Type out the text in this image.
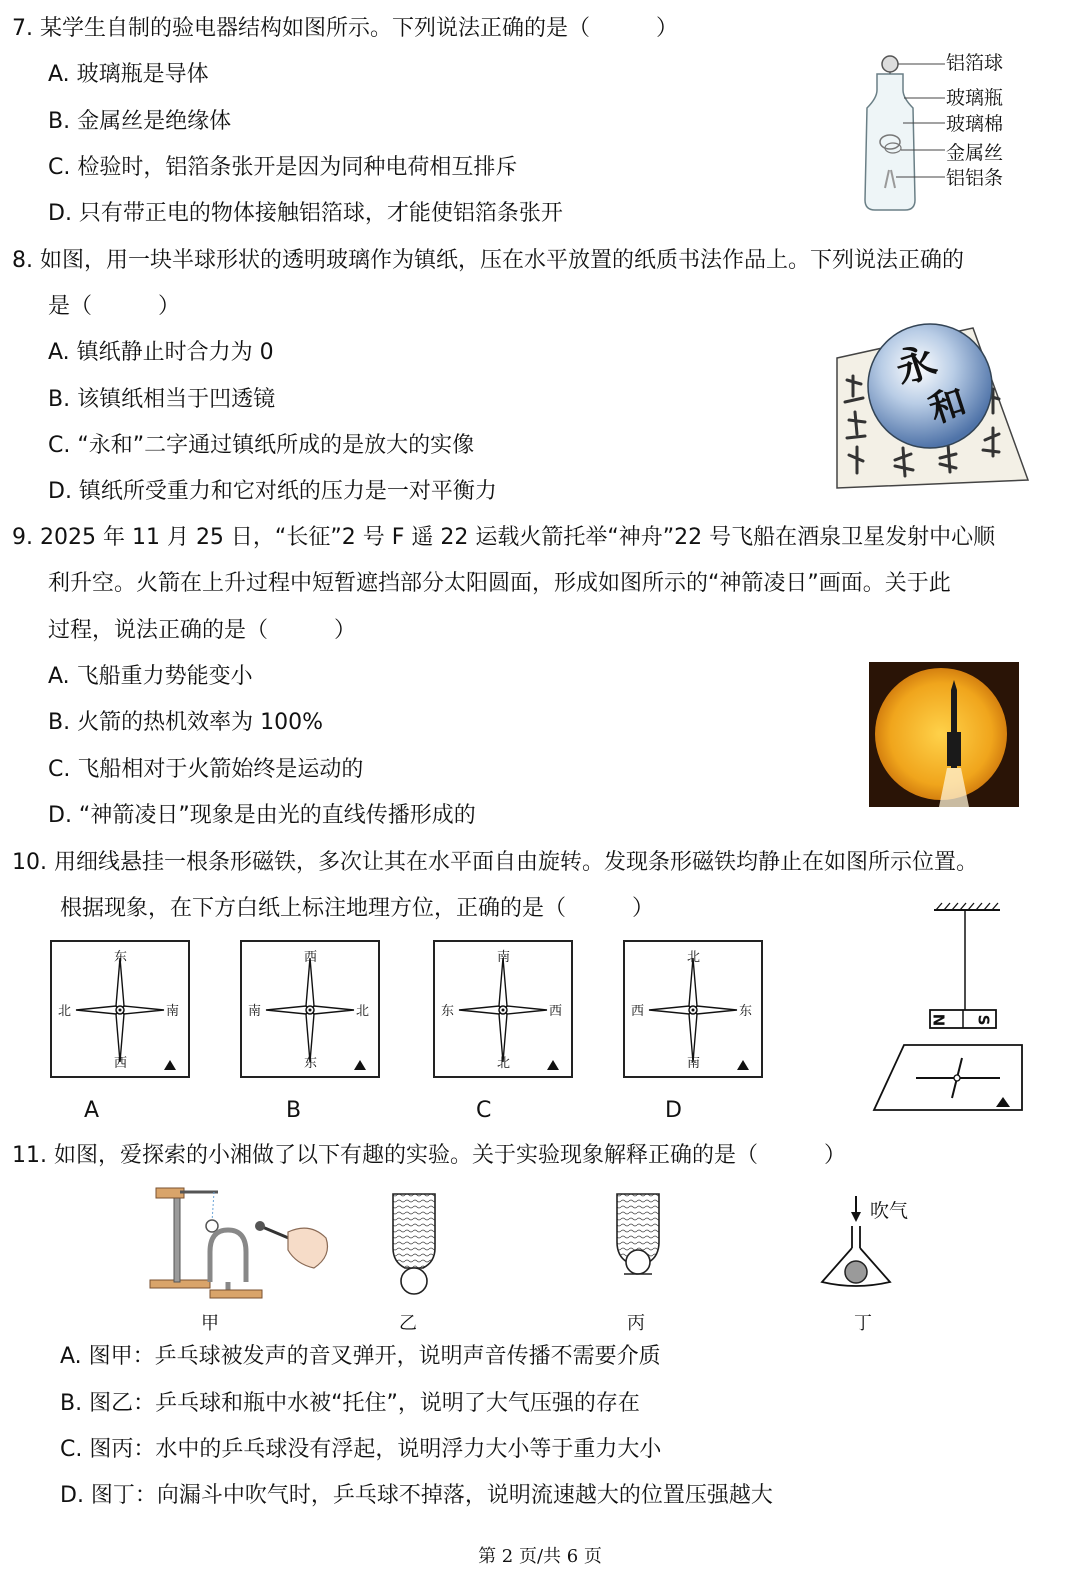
7. 某学生自制的验电器结构如图所示。下列说法正确的是（　　　）
A. 玻璃瓶是导体
B. 金属丝是绝缘体
C. 检验时，铝箔条张开是因为同种电荷相互排斥
D. 只有带正电的物体接触铝箔球，才能使铝箔条张开
铝箔球
玻璃瓶
玻璃棉
金属丝
铝铝条
8. 如图，用一块半球形状的透明玻璃作为镇纸，压在水平放置的纸质书法作品上。下列说法正确的
是（　　　）
A. 镇纸静止时合力为 0
B. 该镇纸相当于凹透镜
C. “永和”二字通过镇纸所成的是放大的实像
D. 镇纸所受重力和它对纸的压力是一对平衡力
永
和
9. 2025 年 11 月 25 日，“长征”2 号 F 遥 22 运载火箭托举“神舟”22 号飞船在酒泉卫星发射中心顺
利升空。火箭在上升过程中短暂遮挡部分太阳圆面，形成如图所示的“神箭凌日”画面。关于此
过程，说法正确的是（　　　）
A. 飞船重力势能变小
B. 火箭的热机效率为 100%
C. 飞船相对于火箭始终是运动的
D. “神箭凌日”现象是由光的直线传播形成的
10. 用细线悬挂一根条形磁铁，多次让其在水平面自由旋转。发现条形磁铁均静止在如图所示位置。
根据现象，在下方白纸上标注地理方位，正确的是（　　　）
东
北	南
西
A
西
南	北
东
B
南
东	西
北
C
北
西	东
南
D
N S
11. 如图，爱探索的小湘做了以下有趣的实验。关于实验现象解释正确的是（　　　）
甲	乙	丙
吹气
丁
A. 图甲：乒乓球被发声的音叉弹开，说明声音传播不需要介质
B. 图乙：乒乓球和瓶中水被“托住”，说明了大气压强的存在
C. 图丙：水中的乒乓球没有浮起，说明浮力大小等于重力大小
D. 图丁：向漏斗中吹气时，乒乓球不掉落，说明流速越大的位置压强越大
第 2 页/共 6 页
